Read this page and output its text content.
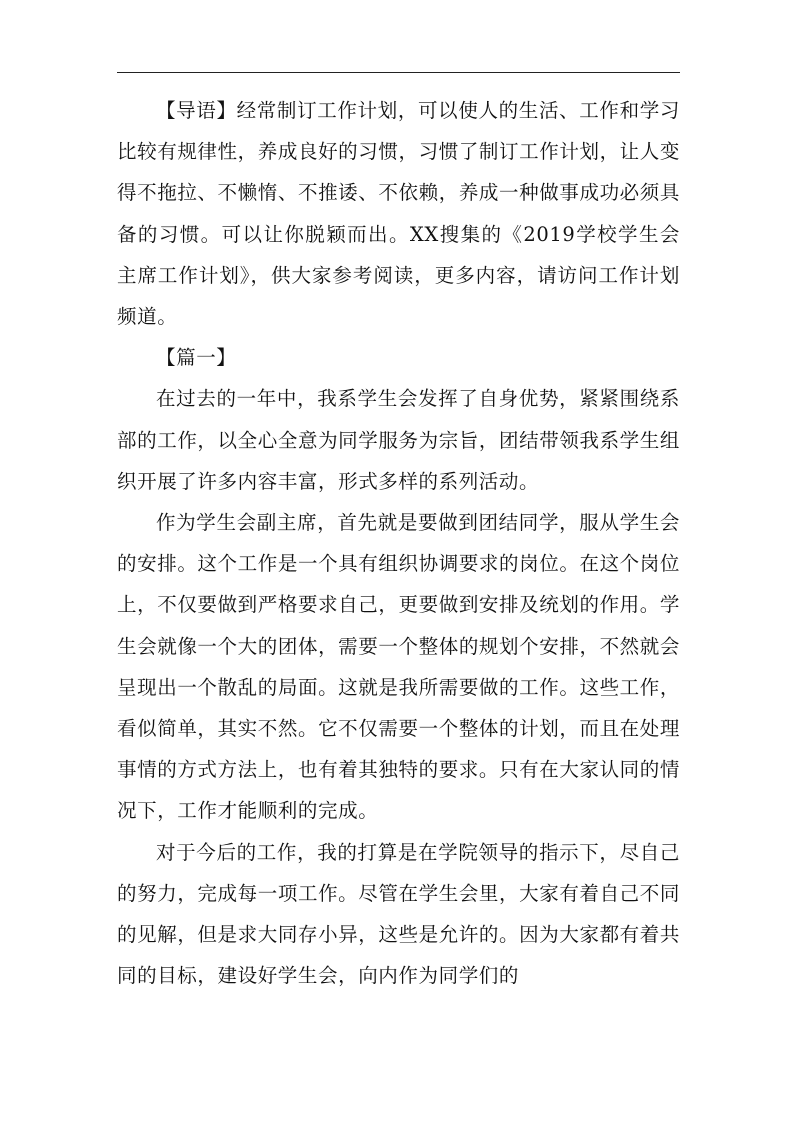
【导语】经常制订工作计划，可以使人的生活、工作和学习比较有规律性，养成良好的习惯，习惯了制订工作计划，让人变得不拖拉、不懒惰、不推诿、不依赖，养成一种做事成功必须具备的习惯。可以让你脱颖而出。XX搜集的《2019学校学生会主席工作计划》，供大家参考阅读，更多内容，请访问工作计划频道。

【篇一】

在过去的一年中，我系学生会发挥了自身优势，紧紧围绕系部的工作，以全心全意为同学服务为宗旨，团结带领我系学生组织开展了许多内容丰富，形式多样的系列活动。

作为学生会副主席，首先就是要做到团结同学，服从学生会的安排。这个工作是一个具有组织协调要求的岗位。在这个岗位上，不仅要做到严格要求自己，更要做到安排及统划的作用。学生会就像一个大的团体，需要一个整体的规划个安排，不然就会呈现出一个散乱的局面。这就是我所需要做的工作。这些工作，看似简单，其实不然。它不仅需要一个整体的计划，而且在处理事情的方式方法上，也有着其独特的要求。只有在大家认同的情况下，工作才能顺利的完成。

对于今后的工作，我的打算是在学院领导的指示下，尽自己的努力，完成每一项工作。尽管在学生会里，大家有着自己不同的见解，但是求大同存小异，这些是允许的。因为大家都有着共同的目标，建设好学生会，向内作为同学们的
